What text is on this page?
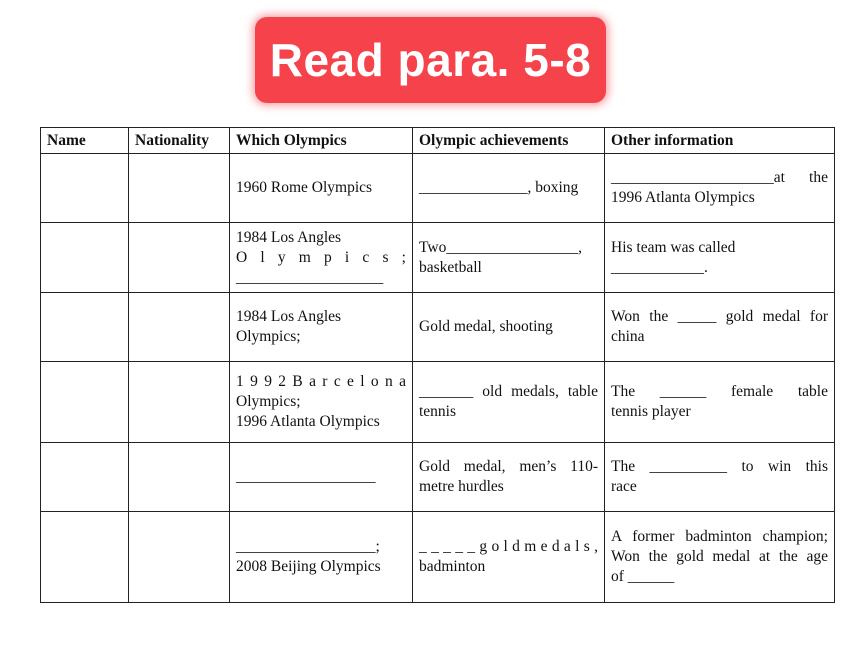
Read para. 5-8
Name	Nationality	Which Olympics	Olympic achievements	Other information

		1960 Rome Olympics	______________, boxing	_____________________at the
1996 Atlanta Olympics

		1984 Los Angles
O l y m p i c s ;
___________________	Two_________________,
basketball	His team was called
____________.

		1984 Los Angles
Olympics;	Gold medal, shooting	Won the _____ gold medal for
china

		1 9 9 2 B a r c e l o n a
Olympics;
1996 Atlanta Olympics	_______ old medals, table
tennis	The ______ female table
tennis player

		__________________	Gold medal, men’s 110-
metre hurdles	The __________ to win this
race

		__________________;
2008 Beijing Olympics	_ _ _ _ _ g o l d m e d a l s ,
badminton	A former badminton champion;
Won the gold medal at the age
of ______
